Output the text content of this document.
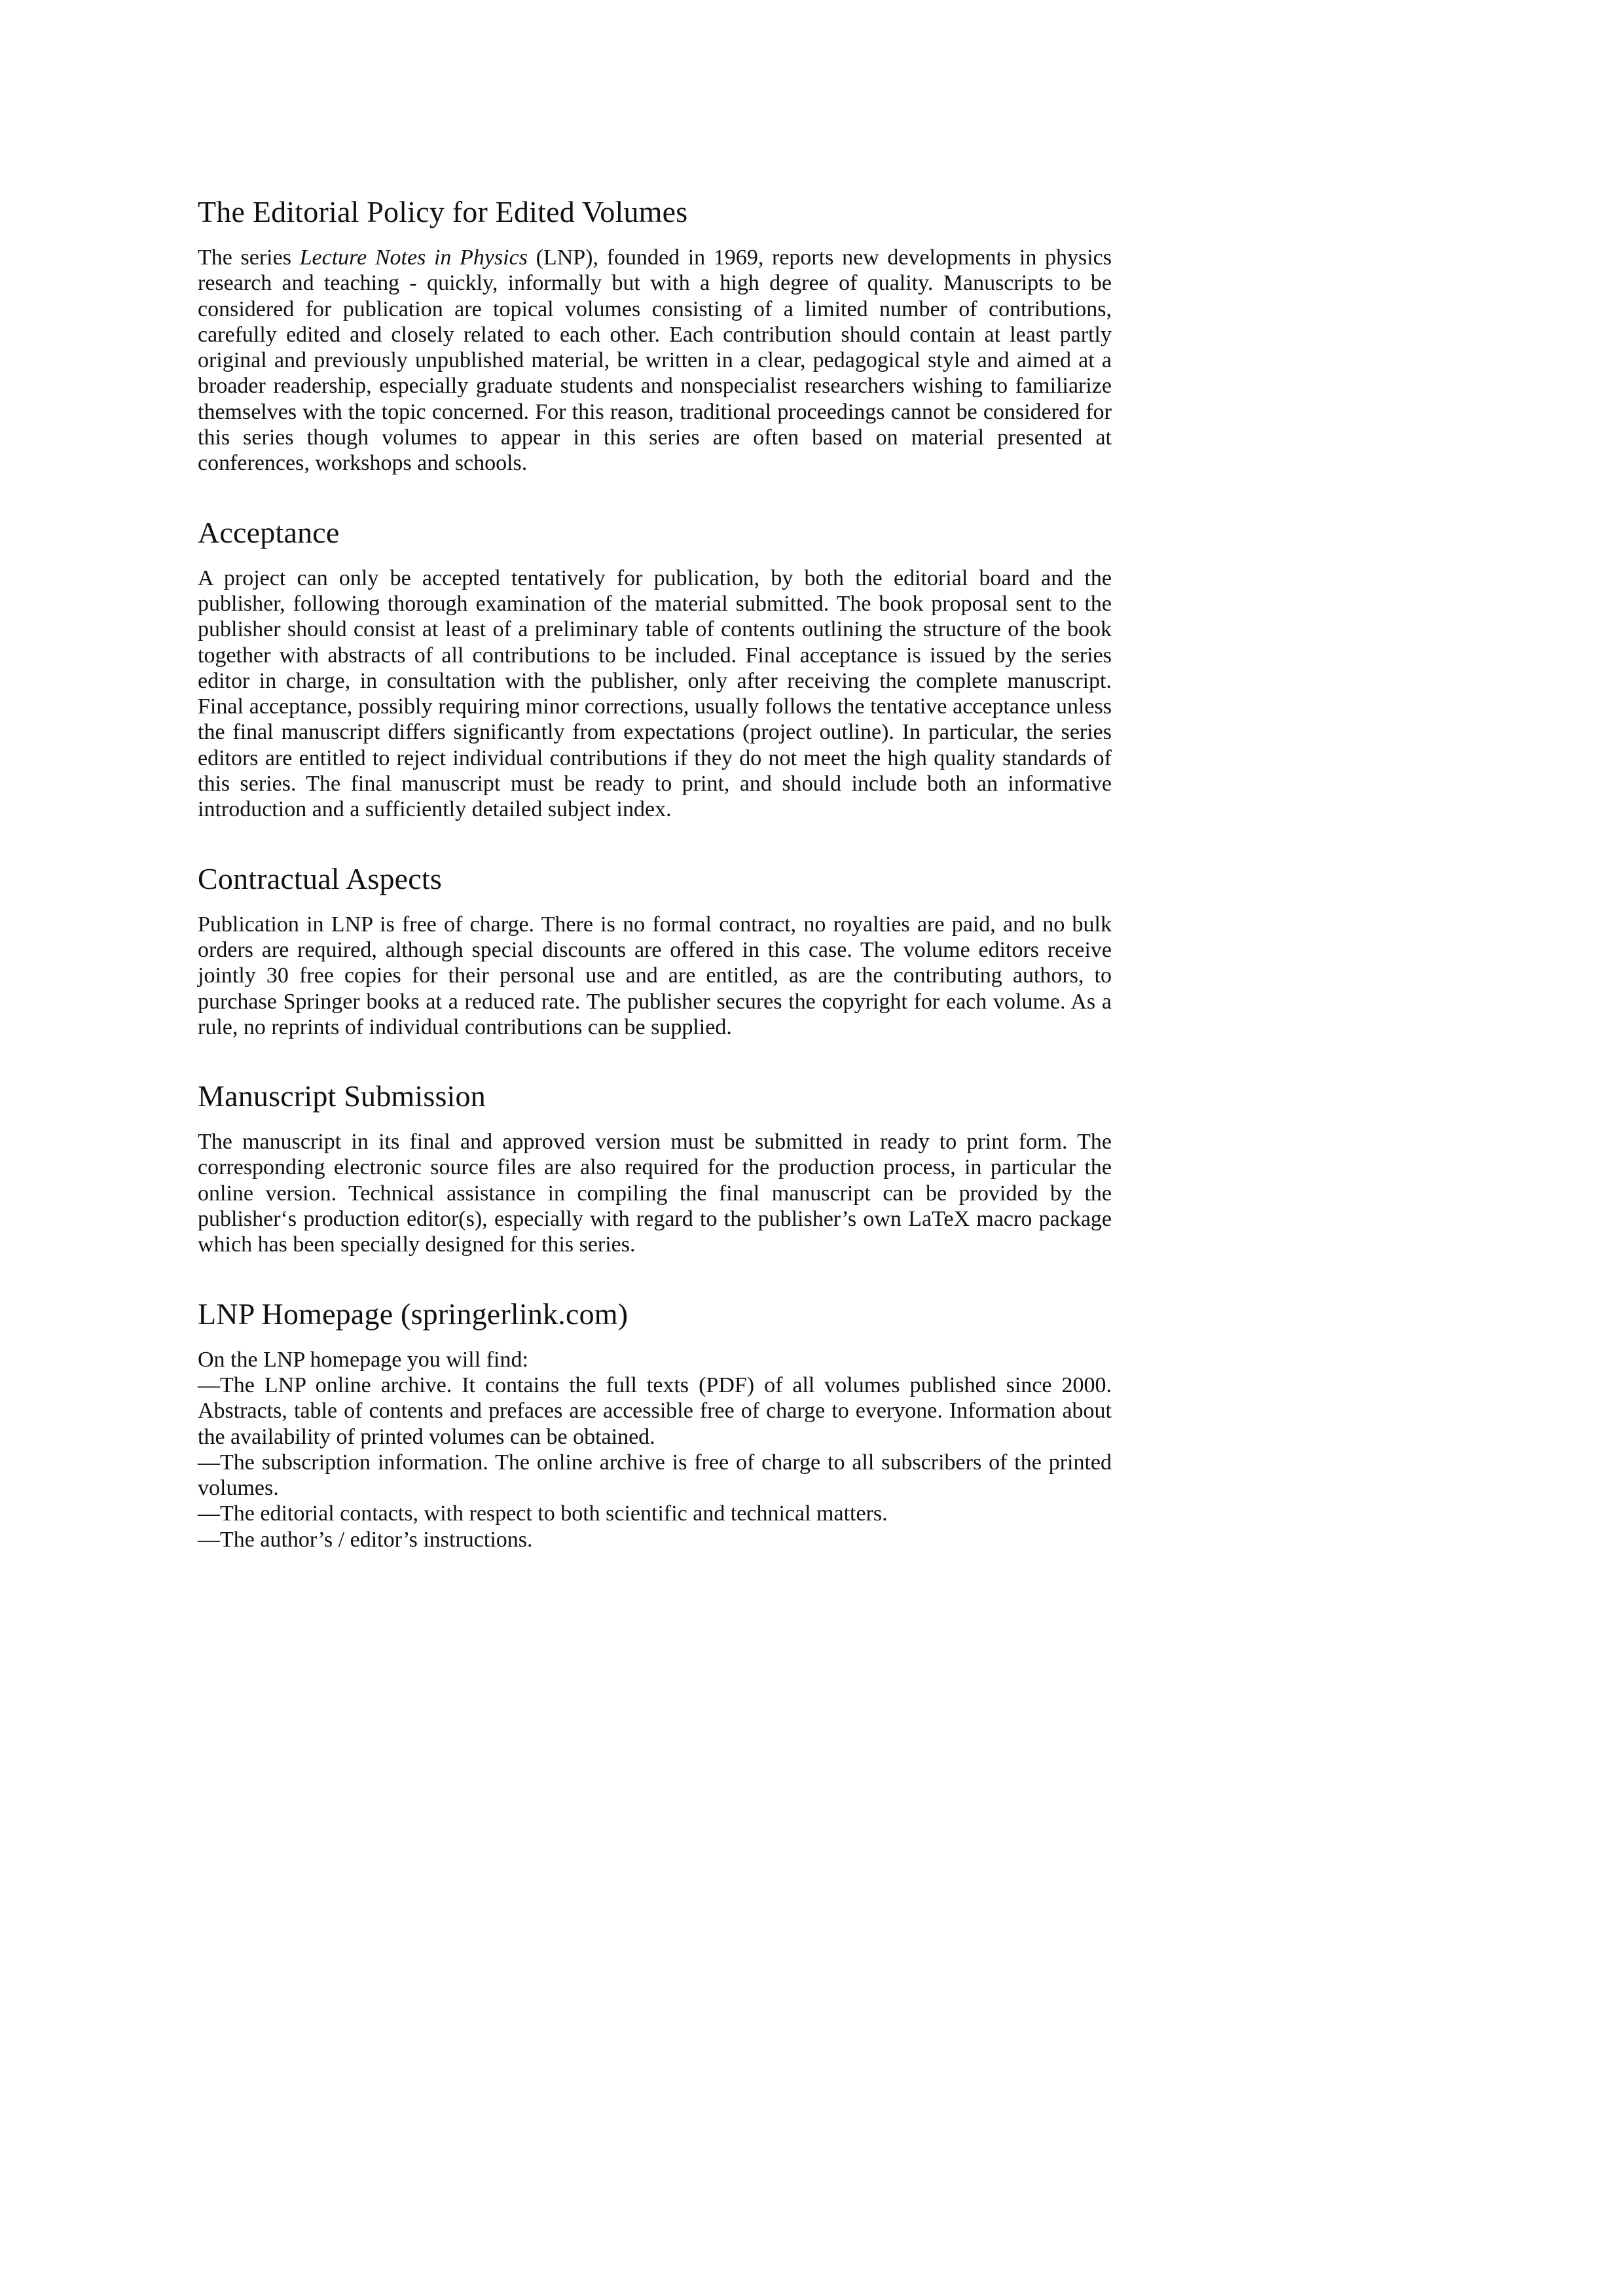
The Editorial Policy for Edited Volumes

The series Lecture Notes in Physics (LNP), founded in 1969, reports new developments in physics research and teaching - quickly, informally but with a high degree of quality. Manuscripts to be considered for publication are topical volumes consisting of a limited number of contributions, carefully edited and closely related to each other. Each contribution should contain at least partly original and previously unpublished material, be written in a clear, pedagogical style and aimed at a broader readership, especially graduate students and nonspecialist researchers wishing to familiarize themselves with the topic concerned. For this reason, traditional proceedings cannot be considered for this series though volumes to appear in this series are often based on material presented at conferences, workshops and schools.

Acceptance

A project can only be accepted tentatively for publication, by both the editorial board and the publisher, following thorough examination of the material submitted. The book proposal sent to the publisher should consist at least of a preliminary table of contents outlining the structure of the book together with abstracts of all contributions to be included. Final acceptance is issued by the series editor in charge, in consultation with the publisher, only after receiving the complete manuscript. Final acceptance, possibly requiring minor corrections, usually follows the tentative acceptance unless the final manuscript differs significantly from expectations (project outline). In particular, the series editors are entitled to reject individual contributions if they do not meet the high quality standards of this series. The final manuscript must be ready to print, and should include both an informative introduction and a sufficiently detailed subject index.

Contractual Aspects

Publication in LNP is free of charge. There is no formal contract, no royalties are paid, and no bulk orders are required, although special discounts are offered in this case. The volume editors receive jointly 30 free copies for their personal use and are entitled, as are the contributing authors, to purchase Springer books at a reduced rate. The publisher secures the copyright for each volume. As a rule, no reprints of individual contributions can be supplied.

Manuscript Submission

The manuscript in its final and approved version must be submitted in ready to print form. The corresponding electronic source files are also required for the production process, in particular the online version. Technical assistance in compiling the final manuscript can be provided by the publisher‘s production editor(s), especially with regard to the publisher’s own LaTeX macro package which has been specially designed for this series.

LNP Homepage (springerlink.com)

On the LNP homepage you will find:

—The LNP online archive. It contains the full texts (PDF) of all volumes published since 2000. Abstracts, table of contents and prefaces are accessible free of charge to everyone. Information about the availability of printed volumes can be obtained.

—The subscription information. The online archive is free of charge to all subscribers of the printed volumes.

—The editorial contacts, with respect to both scientific and technical matters.

—The author’s / editor’s instructions.
